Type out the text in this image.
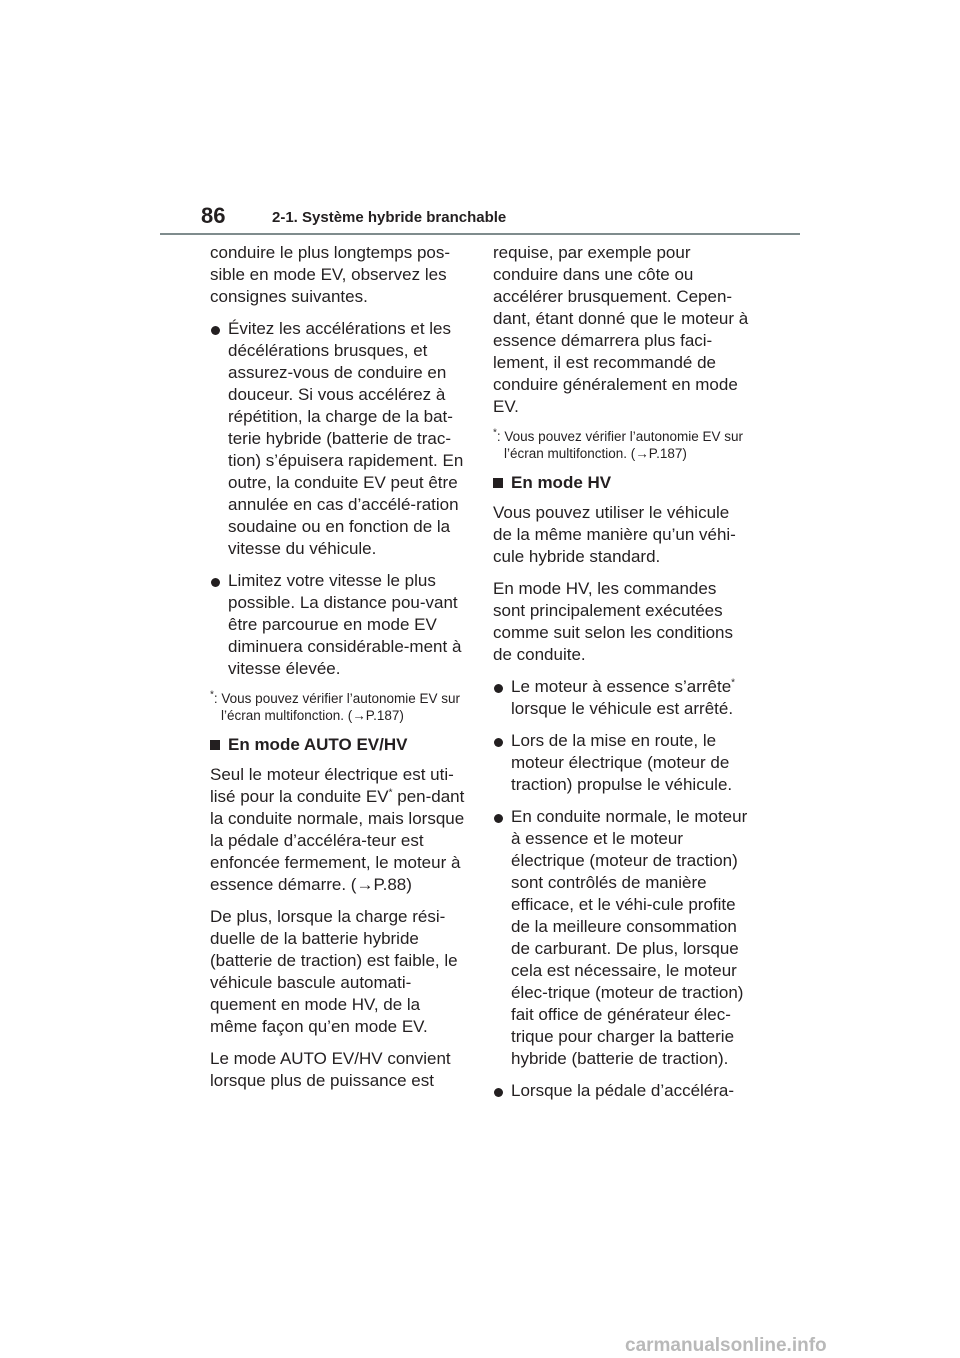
86	2-1. Système hybride branchable

conduire le plus longtemps pos-sible en mode EV, observez les consignes suivantes.

Évitez les accélérations et les décélérations brusques, et assurez-vous de conduire en douceur. Si vous accélérez à répétition, la charge de la bat-terie hybride (batterie de trac-tion) s’épuisera rapidement. En outre, la conduite EV peut être annulée en cas d’accélé-ration soudaine ou en fonction de la vitesse du véhicule.
Limitez votre vitesse le plus possible. La distance pou-vant être parcourue en mode EV diminuera considérable-ment à vitesse élevée.
*: Vous pouvez vérifier l’autonomie EV sur l’écran multifonction. (→P.187)
En mode AUTO EV/HV

Seul le moteur électrique est uti-lisé pour la conduite EV* pen-dant la conduite normale, mais lorsque la pédale d’accéléra-teur est enfoncée fermement, le moteur à essence démarre. (→P.88)

De plus, lorsque la charge rési-duelle de la batterie hybride (batterie de traction) est faible, le véhicule bascule automati-quement en mode HV, de la même façon qu’en mode EV.

Le mode AUTO EV/HV convient lorsque plus de puissance est

requise, par exemple pour conduire dans une côte ou accélérer brusquement. Cepen-dant, étant donné que le moteur à essence démarrera plus faci-lement, il est recommandé de conduire généralement en mode EV.

*: Vous pouvez vérifier l’autonomie EV sur l’écran multifonction. (→P.187)
En mode HV

Vous pouvez utiliser le véhicule de la même manière qu’un véhi-cule hybride standard.

En mode HV, les commandes sont principalement exécutées comme suit selon les conditions de conduite.

Le moteur à essence s’arrête* lorsque le véhicule est arrêté.
Lors de la mise en route, le moteur électrique (moteur de traction) propulse le véhicule.
En conduite normale, le moteur à essence et le moteur électrique (moteur de traction) sont contrôlés de manière efficace, et le véhi-cule profite de la meilleure consommation de carburant. De plus, lorsque cela est nécessaire, le moteur élec-trique (moteur de traction) fait office de générateur élec-trique pour charger la batterie hybride (batterie de traction).
Lorsque la pédale d’accéléra-
carmanualsonline.info
